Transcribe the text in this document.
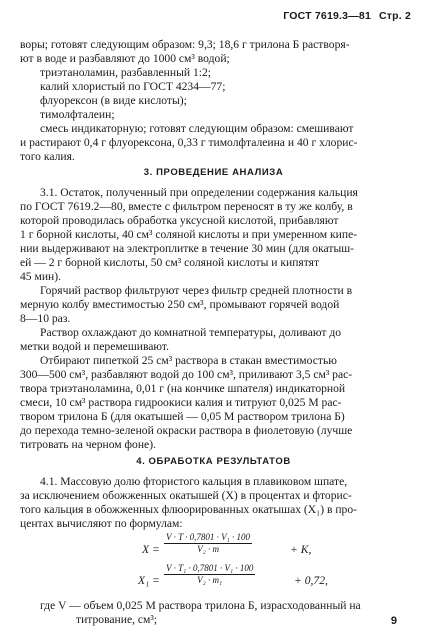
ГОСТ 7619.3—81 Стр. 2
воры; готовят следующим образом: 9,3; 18,6 г трилона Б растворя-
ют в воде и разбавляют до 1000 см³ водой;
триэтаноламин, разбавленный 1:2;
калий хлористый по ГОСТ 4234—77;
флуорексон (в виде кислоты);
тимолфталеин;
смесь индикаторную; готовят следующим образом: смешивают
и растирают 0,4 г флуорексона, 0,33 г тимолфталеина и 40 г хлорис-
того калия.
3. ПРОВЕДЕНИЕ АНАЛИЗА
3.1. Остаток, полученный при определении содержания кальция
по ГОСТ 7619.2—80, вместе с фильтром переносят в ту же колбу, в
которой проводилась обработка уксусной кислотой, прибавляют
1 г борной кислоты, 40 см³ соляной кислоты и при умеренном кипе-
нии выдерживают на электроплитке в течение 30 мин (для окатыш-
ей — 2 г борной кислоты, 50 см³ соляной кислоты и кипятят
45 мин).
Горячий раствор фильтруют через фильтр средней плотности в
мерную колбу вместимостью 250 см³, промывают горячей водой
8—10 раз.
Раствор охлаждают до комнатной температуры, доливают до
метки водой и перемешивают.
Отбирают пипеткой 25 см³ раствора в стакан вместимостью
300—500 см³, разбавляют водой до 100 см³, приливают 3,5 см³ рас-
твора триэтаноламина, 0,01 г (на кончике шпателя) индикаторной
смеси, 10 см³ раствора гидроокиси калия и титруют 0,025 М рас-
твором трилона Б (для окатышей — 0,05 М раствором трилона Б)
до перехода темно-зеленой окраски раствора в фиолетовую (лучше
титровать на черном фоне).
4. ОБРАБОТКА РЕЗУЛЬТАТОВ
4.1. Массовую долю фтористого кальция в плавиковом шпате,
за исключением обожженных окатышей (X) в процентах и фторис-
того кальция в обожженных флюорированных окатышах (X₁) в про-
центах вычисляют по формулам:
$X = \frac{\text{V · T · 0,7801 · V₁ · 100}}{\text{V₂ · m}}$	+ K,
$X_1 = \frac{\text{V · T₁ · 0,7801 · V₁ · 100}}{\text{V₂ · m₁}}$	+ 0,72,
где V — объем 0,025 М раствора трилона Б, израсходованный на
титрование, см³;	9
